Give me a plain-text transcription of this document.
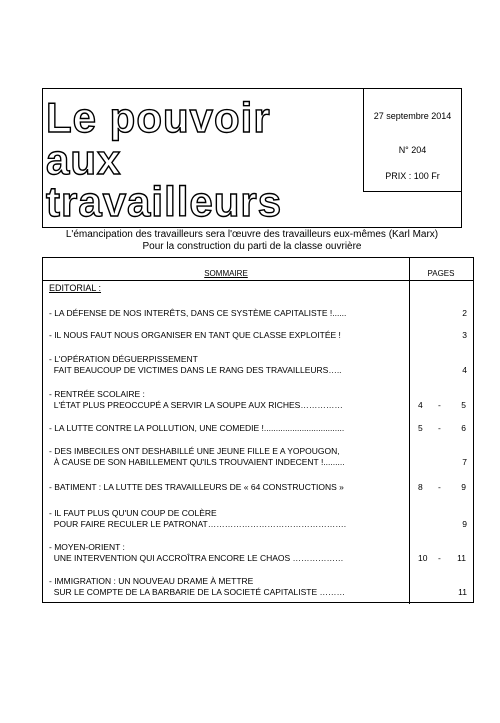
Le pouvoir
aux
travailleurs
27 septembre 2014
N° 204
PRIX : 100 Fr
L'émancipation des travailleurs sera l'œuvre des travailleurs eux-mêmes (Karl Marx)
Pour la construction du parti de la classe ouvrière
SOMMAIRE	PAGES
EDITORIAL :
- LA DÉFENSE DE NOS INTERÊTS, DANS CE SYSTÈME CAPITALISTE !......	2
- IL NOUS FAUT NOUS ORGANISER EN TANT QUE CLASSE EXPLOITÉE !	3
- L'OPÉRATION DÉGUERPISSEMENT
FAIT BEAUCOUP DE VICTIMES DANS LE RANG DES TRAVAILLEURS…..	4
- RENTRÉE SCOLAIRE :
L'ÉTAT PLUS PREOCCUPÉ A SERVIR LA SOUPE AUX RICHES……………	4 - 5
- LA LUTTE CONTRE LA POLLUTION, UNE COMEDIE !..................................	5 - 6
- DES IMBECILES ONT DESHABILLÉ UNE JEUNE FILLE E A YOPOUGON,
À CAUSE DE SON HABILLEMENT QU'ILS TROUVAIENT INDECENT !.........	7
- BATIMENT : LA LUTTE DES TRAVAILLEURS DE « 64 CONSTRUCTIONS »	8 - 9
- IL FAUT PLUS QU'UN COUP DE COLÈRE
POUR FAIRE RECULER LE PATRONAT………………………………………….	9
- MOYEN-ORIENT :
UNE INTERVENTION QUI ACCROÎTRA ENCORE LE CHAOS ………………	10 - 11
- IMMIGRATION : UN NOUVEAU DRAME À METTRE
SUR LE COMPTE DE LA BARBARIE DE LA SOCIETÉ CAPITALISTE ………	11
